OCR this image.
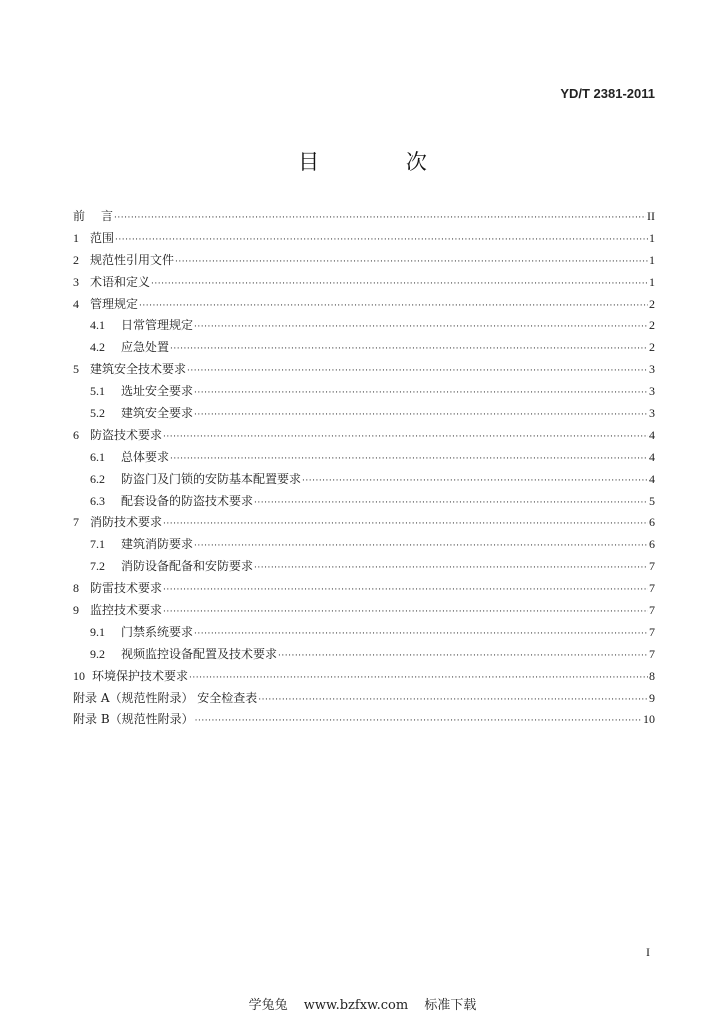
YD/T 2381-2011
目 次
前	言 ·····	II
1 范围 ·····	1
2 规范性引用文件 ·····	1
3 术语和定义 ·····	1
4 管理规定 ·····	2
4.1	日常管理规定 ·····	2
4.2	应急处置 ·····	2
5 建筑安全技术要求 ·····	3
5.1	选址安全要求 ·····	3
5.2	建筑安全要求 ·····	3
6 防盗技术要求 ·····	4
6.1	总体要求 ·····	4
6.2	防盗门及门锁的安防基本配置要求 ·····	4
6.3	配套设备的防盗技术要求 ·····	5
7 消防技术要求 ·····	6
7.1	建筑消防要求 ·····	6
7.2	消防设备配备和安防要求 ·····	7
8 防雷技术要求 ·····	7
9 监控技术要求 ·····	7
9.1	门禁系统要求 ·····	7
9.2	视频监控设备配置及技术要求 ·····	7
10 环境保护技术要求 ·····	8
附录 A（规范性附录） 安全检查表 ·····	9
附录 B（规范性附录） ·····	10
I
学兔兔 www.bzfxw.com 标准下载
